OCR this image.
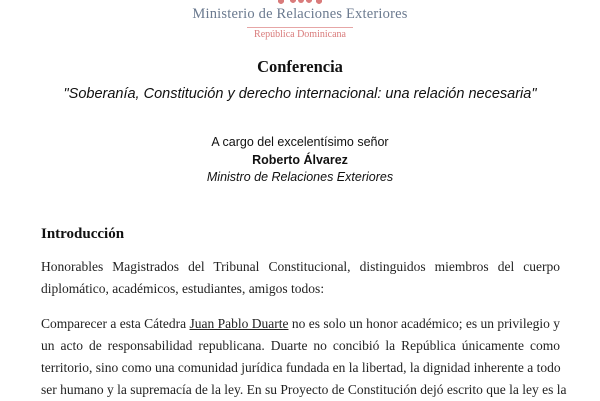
Ministerio de Relaciones Exteriores
República Dominicana
Conferencia
"Soberanía, Constitución y derecho internacional: una relación necesaria"
A cargo del excelentísimo señor
Roberto Álvarez
Ministro de Relaciones Exteriores
Introducción
Honorables Magistrados del Tribunal Constitucional, distinguidos miembros del cuerpo
diplomático, académicos, estudiantes, amigos todos:
Comparecer a esta Cátedra Juan Pablo Duarte no es solo un honor académico; es un privilegio y
un acto de responsabilidad republicana. Duarte no concibió la República únicamente como
territorio, sino como una comunidad jurídica fundada en la libertad, la dignidad inherente a todo
ser humano y la supremacía de la ley. En su Proyecto de Constitución dejó escrito que la ley es la
